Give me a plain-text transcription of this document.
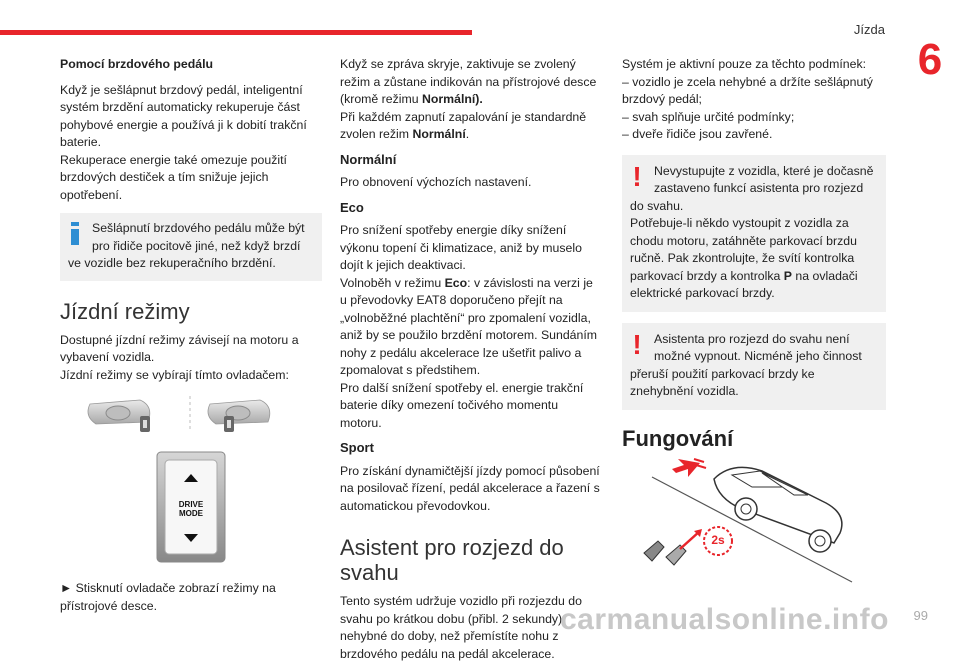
Jízda
6

Pomocí brzdového pedálu

Když je sešlápnut brzdový pedál, inteligentní systém brzdění automaticky rekuperuje část pohybové energie a používá ji k dobití trakční baterie.

Rekuperace energie také omezuje použití brzdových destiček a tím snižuje jejich opotřebení.

Sešlápnutí brzdového pedálu může být pro řidiče pocitově jiné, než když brzdí ve vozidle bez rekuperačního brzdění.

Jízdní režimy

Dostupné jízdní režimy závisejí na motoru a vybavení vozidla.

Jízdní režimy se vybírají tímto ovladačem:

DRIVE
MODE

► Stisknutí ovladače zobrazí režimy na přístrojové desce.

Když se zpráva skryje, zaktivuje se zvolený režim a zůstane indikován na přístrojové desce (kromě režimu Normální).

Při každém zapnutí zapalování je standardně zvolen režim Normální.

Normální

Pro obnovení výchozích nastavení.

Eco

Pro snížení spotřeby energie díky snížení výkonu topení či klimatizace, aniž by muselo dojít k jejich deaktivaci.

Volnoběh v režimu Eco: v závislosti na verzi je u převodovky EAT8 doporučeno přejít na „volnoběžné plachtění“ pro zpomalení vozidla, aniž by se použilo brzdění motorem. Sundáním nohy z pedálu akcelerace lze ušetřit palivo a zpomalovat s předstihem.

Pro další snížení spotřeby el. energie trakční baterie díky omezení točivého momentu motoru.

Sport

Pro získání dynamičtější jízdy pomocí působení na posilovač řízení, pedál akcelerace a řazení s automatickou převodovkou.

Asistent pro rozjezd do svahu

Tento systém udržuje vozidlo při rozjezdu do svahu po krátkou dobu (přibl. 2 sekundy) nehybné do doby, než přemístíte nohu z brzdového pedálu na pedál akcelerace.

Systém je aktivní pouze za těchto podmínek:

– vozidlo je zcela nehybné a držíte sešlápnutý brzdový pedál;

– svah splňuje určité podmínky;

– dveře řidiče jsou zavřené.

!	Nevystupujte z vozidla, které je dočasně zastaveno funkcí asistenta pro rozjezd do svahu.

Potřebuje-li někdo vystoupit z vozidla za chodu motoru, zatáhněte parkovací brzdu ručně. Pak zkontrolujte, že svítí kontrolka parkovací brzdy a kontrolka P na ovladači elektrické parkovací brzdy.

!	Asistenta pro rozjezd do svahu není možné vypnout. Nicméně jeho činnost přeruší použití parkovací brzdy ke znehybnění vozidla.

Fungování
2s
carmanualsonline.info 99
